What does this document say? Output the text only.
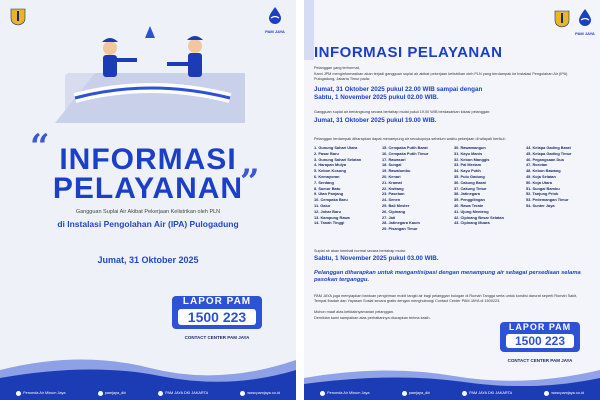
PAM JAYA
“ INFORMASI
PELAYANAN
”
Gangguan Suplai Air Akibat Pekerjaan Kelistrikan oleh PLN
di Instalasi Pengolahan Air (IPA) Pulogadung
Jumat, 31 Oktober 2025
LAPOR PAM
1500 223
CONTACT CENTER PAM JAYA
Perumda Air Minum Jaya	pamjaya_dki	PAM JAYA DKI JAKARTA	www.pamjaya.co.id
PAM JAYA
INFORMASI PELAYANAN
Pelanggan yang terhormat,
Kami JPM menginformasikan akan terjadi gangguan suplai air akibat pekerjaan kelistrikan oleh PLN yang berdampak ke Instalasi Pengolahan Air (IPA) Pulogadung, Jakarta Timur pada:
Jumat, 31 Oktober 2025 pukul 22.00 WIB sampai dengan
Sabtu, 1 November 2025 pukul 02.00 WIB.
Gangguan suplai air berlangsung secara bertahap mulai pukul 19.00 WIB berdasarkan lokasi pelanggan:
Jumat, 31 Oktober 2025 pukul 19.00 WIB.
Pelanggan terdampak diharapkan dapat menampung air secukupnya sebelum waktu pekerjaan di wilayah berikut:
1. Gunung Sahari Utara
2. Pasar Baru
3. Gunung Sahari Selatan
4. Harapan Mulya
5. Kebon Kosong
6. Kemayoran
7. Serdang
8. Sumur Batu
9. Utan Panjang
10. Cempaka Baru
11. Galur
12. Johar Baru
13. Kampung Rawa
14. Tanah Tinggi
15. Cempaka Putih Barat
16. Cempaka Putih Timur
17. Rawasari
18. Sungai
19. Rawalumbu
20. Kenari
21. Kramat
22. Kwitang
23. Paseban
24. Senen
25. Bali Mester
26. Cipinang
27. Jati
28. Jatinegara Kaum
29. Pisangan Timur
30. Rawamangun
31. Kayu Manis
32. Kebon Manggis
33. Pal Meriam
34. Kayu Putih
35. Pulo Gadung
36. Cakung Barat
37. Cakung Timur
38. Jatinegara
39. Penggilingan
40. Rawa Terate
41. Ujung Menteng
42. Cipinang Besar Selatan
43. Cipinang Muara
44. Kelapa Gading Barat
45. Kelapa Gading Timur
46. Pegangsaan Dua
47. Rorotan
48. Kebon Bawang
49. Koja Selatan
50. Koja Utara
51. Sungai Bambu
52. Tanjung Priok
53. Pedemangan Timur
54. Sunter Jaya
Suplai air akan kembali normal secara bertahap mulai:
Sabtu, 1 November 2025 pukul 03.00 WIB.
Pelanggan diharapkan untuk mengantisipasi dengan menampung air sebagai persediaan selama pasokan terganggu.
PAM JAYA juga menyiapkan bantuan pengiriman mobil tangki air bagi pelanggan bulogan di Rumah Tangga serta untuk kondisi darurat seperti Rumah Sakit, Tempat Ibadah dan Yayasan Sosial secara gratis dengan menghubungi Contact Center PAM JAYA di 1500223.
Mohon maaf atas ketidaknyamanan pelanggan.
Demikian kami sampaikan atas perhatiannya diucapkan terima kasih.
LAPOR PAM
1500 223
CONTACT CENTER PAM JAYA
Perumda Air Minum Jaya	pamjaya_dki	PAM JAYA DKI JAKARTA	www.pamjaya.co.id
